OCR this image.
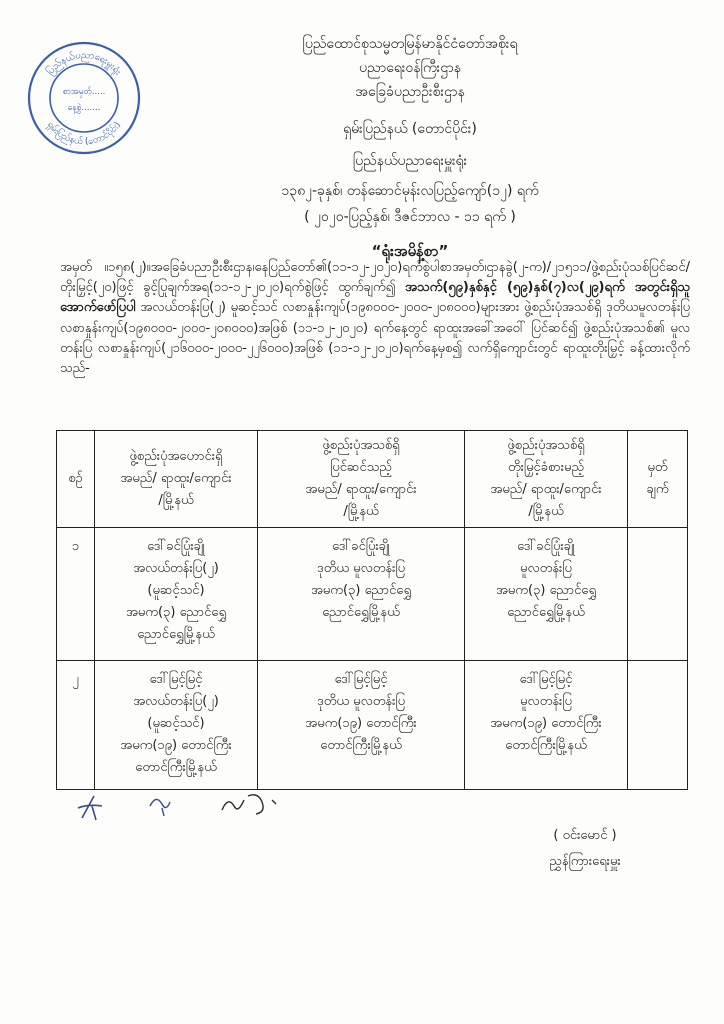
ပြည်နယ်ပညာရေးမှူးရုံး
ရှမ်းပြည်နယ် (တောင်ပိုင်း)
စာအမှတ်.....
နေ့စွဲ.......
ပြည်ထောင်စုသမ္မတမြန်မာနိုင်ငံတော်အစိုးရ
ပညာရေးဝန်ကြီးဌာန
အခြေခံပညာဦးစီးဌာန
ရှမ်းပြည်နယ် (တောင်ပိုင်း)
ပြည်နယ်ပညာရေးမှူးရုံး
၁၃၈၂-ခုနှစ်၊ တန်ဆောင်မုန်းလပြည့်ကျော်(၁၂) ရက်
( ၂၀၂၀-ပြည့်နှစ်၊ ဒီဇင်ဘာလ - ၁၁ ရက် )
“ရုံးအမိန့်စာ”
အမှတ် ။၁၅၈(၂)။အခြေခံပညာဦးစီးဌာန၊နေပြည်တော်၏(၁၁-၁၂-၂၀၂၀)ရက်စွဲပါစာအမှတ်၊ဌာနခွဲ(၂-က)/၂၁၅၁၁/ဖွဲ့စည်းပုံသစ်ပြင်ဆင်/တိုးမြှင့်(၂၀)ဖြင့် ခွင့်ပြုချက်အရ(၁၁-၁၂-၂၀၂၀)ရက်စွဲဖြင့် ထွက်ချက်၍ အသက်(၅၉)နှစ်နှင့် (၅၉)နှစ်(၇)လ(၂၉)ရက် အတွင်းရှိသူ အောက်ဖော်ပြပါ အလယ်တန်းပြ(၂) မူဆင့်သင် လစာနှုန်းကျပ်(၁၉၈၀၀၀-၂၀၀၀-၂၀၈၀၀၀)များအား ဖွဲ့စည်းပုံအသစ်ရှိ ဒုတိယမူလတန်းပြ လစာနှုန်းကျပ်(၁၉၈၀၀၀-၂၀၀၀-၂၀၈၀၀၀)အဖြစ် (၁၁-၁၂-၂၀၂၀) ရက်နေ့တွင် ရာထူးအခေါ်အဝေါ် ပြင်ဆင်၍ ဖွဲ့စည်းပုံအသစ်၏ မူလတန်းပြ လစာနှုန်းကျပ်(၂၁၆၀၀၀-၂၀၀၀-၂၂၆၀၀၀)အဖြစ် (၁၁-၁၂-၂၀၂၀)ရက်နေ့မှစ၍ လက်ရှိကျောင်းတွင် ရာထူးတိုးမြှင့် ခန့်ထားလိုက်သည်-
စဉ်	ဖွဲ့စည်းပုံအဟောင်းရှိ
အမည်/ ရာထူး/ကျောင်း
/မြို့နယ်	ဖွဲ့စည်းပုံအသစ်ရှိ
ပြင်ဆင်သည့်
အမည်/ ရာထူး/ကျောင်း
/မြို့နယ်	ဖွဲ့စည်းပုံအသစ်ရှိ
တိုးမြှင့်ခံစားမည့်
အမည်/ ရာထူး/ကျောင်း
/မြို့နယ်	မှတ်
ချက်

၁	ဒေါ်ခင်ပြုံးချို
အလယ်တန်းပြ(၂)
(မူဆင့်သင်)
အမက(၃) ညောင်ရွှေ
ညောင်ရွှေမြို့နယ်	ဒေါ်ခင်ပြုံးချို
ဒုတိယ မူလတန်းပြ
အမက(၃) ညောင်ရွှေ
ညောင်ရွှေမြို့နယ်	ဒေါ်ခင်ပြုံးချို
မူလတန်းပြ
အမက(၃) ညောင်ရွှေ
ညောင်ရွှေမြို့နယ်	

၂	ဒေါ်မြင့်မြင့်
အလယ်တန်းပြ(၂)
(မူဆင့်သင်)
အမက(၁၉) တောင်ကြီး
တောင်ကြီးမြို့နယ်	ဒေါ်မြင့်မြင့်
ဒုတိယ မူလတန်းပြ
အမက(၁၉) တောင်ကြီး
တောင်ကြီးမြို့နယ်	ဒေါ်မြင့်မြင့်
မူလတန်းပြ
အမက(၁၉) တောင်ကြီး
တောင်ကြီးမြို့နယ်	

( ဝင်းမောင် )
ညွှန်ကြားရေးမှူး
